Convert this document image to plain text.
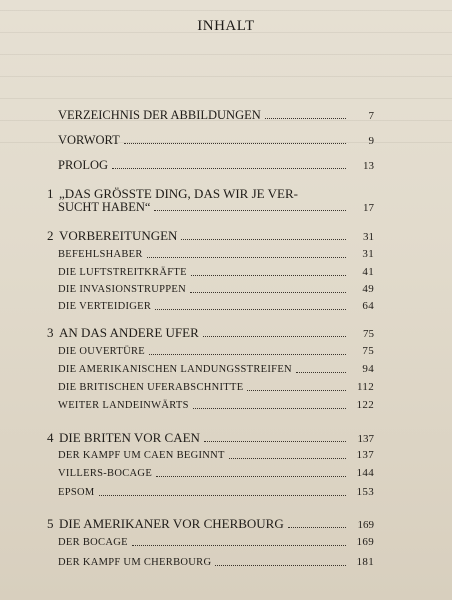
INHALT
VERZEICHNIS DER ABBILDUNGEN	7
VORWORT	9
PROLOG	13
1 „DAS GRÖSSTE DING, DAS WIR JE VER-
SUCHT HABEN“	17
2 VORBEREITUNGEN	31
BEFEHLSHABER	31
DIE LUFTSTREITKRÄFTE	41
DIE INVASIONSTRUPPEN	49
DIE VERTEIDIGER	64
3 AN DAS ANDERE UFER	75
DIE OUVERTÜRE	75
DIE AMERIKANISCHEN LANDUNGSSTREIFEN	94
DIE BRITISCHEN UFERABSCHNITTE	112
WEITER LANDEINWÄRTS	122
4 DIE BRITEN VOR CAEN	137
DER KAMPF UM CAEN BEGINNT	137
VILLERS-BOCAGE	144
EPSOM	153
5 DIE AMERIKANER VOR CHERBOURG	169
DER BOCAGE	169
DER KAMPF UM CHERBOURG	181
